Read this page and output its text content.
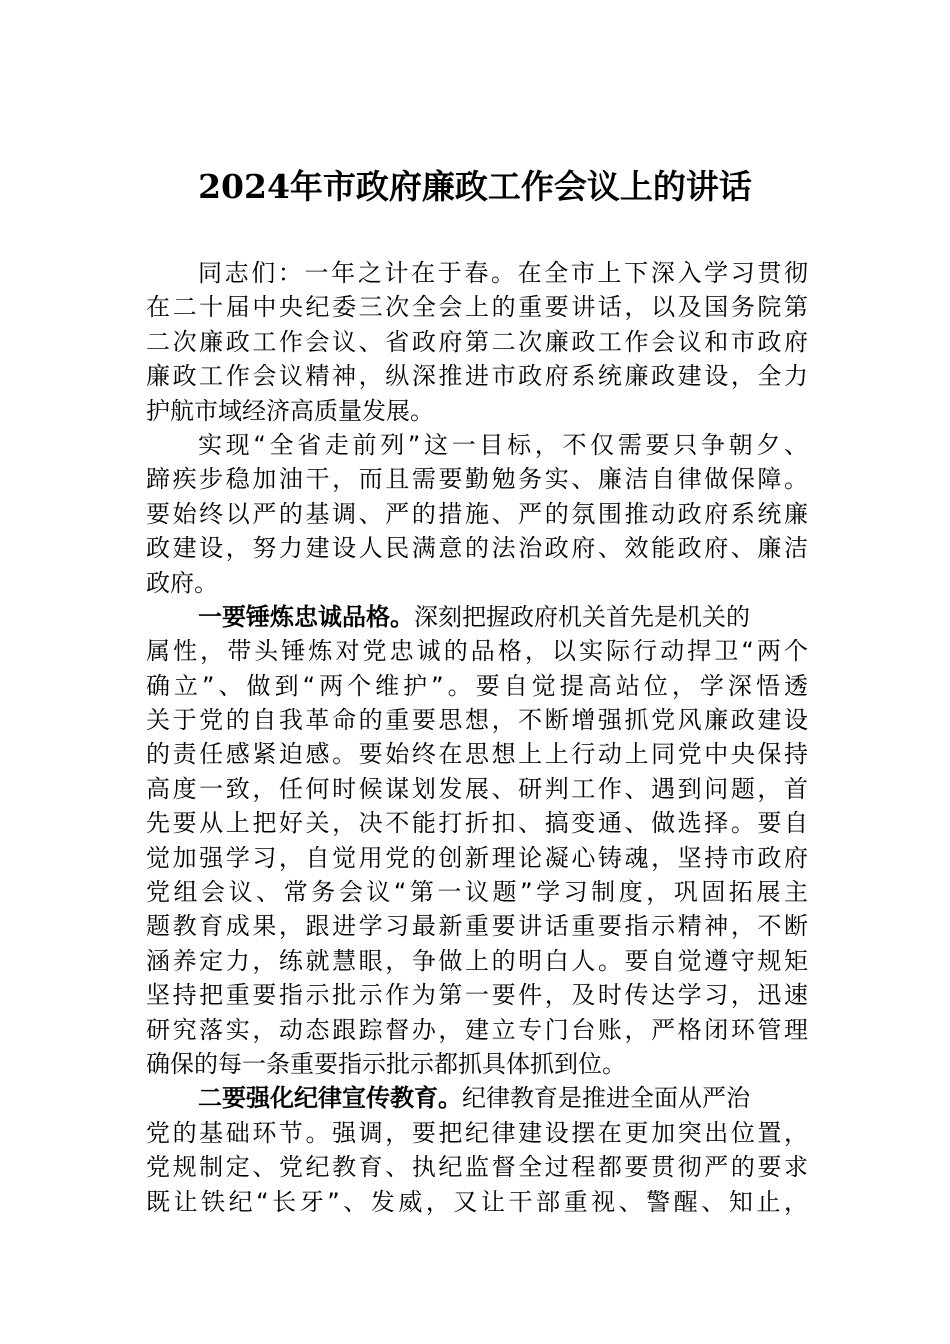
2024年市政府廉政工作会议上的讲话
同志们：一年之计在于春。在全市上下深入学习贯彻
在二十届中央纪委三次全会上的重要讲话，以及国务院第
二次廉政工作会议、省政府第二次廉政工作会议和市政府
廉政工作会议精神，纵深推进市政府系统廉政建设，全力
护航市域经济高质量发展。
实现“全省走前列”这一目标，不仅需要只争朝夕、
蹄疾步稳加油干，而且需要勤勉务实、廉洁自律做保障。
要始终以严的基调、严的措施、严的氛围推动政府系统廉
政建设，努力建设人民满意的法治政府、效能政府、廉洁
政府。
一要锤炼忠诚品格。深刻把握政府机关首先是机关的
属性，带头锤炼对党忠诚的品格，以实际行动捍卫“两个
确立”、做到“两个维护”。要自觉提高站位，学深悟透
关于党的自我革命的重要思想，不断增强抓党风廉政建设
的责任感紧迫感。要始终在思想上上行动上同党中央保持
高度一致，任何时候谋划发展、研判工作、遇到问题，首
先要从上把好关，决不能打折扣、搞变通、做选择。要自
觉加强学习，自觉用党的创新理论凝心铸魂，坚持市政府
党组会议、常务会议“第一议题”学习制度，巩固拓展主
题教育成果，跟进学习最新重要讲话重要指示精神，不断
涵养定力，练就慧眼，争做上的明白人。要自觉遵守规矩
坚持把重要指示批示作为第一要件，及时传达学习，迅速
研究落实，动态跟踪督办，建立专门台账，严格闭环管理
确保的每一条重要指示批示都抓具体抓到位。
二要强化纪律宣传教育。纪律教育是推进全面从严治
党的基础环节。强调，要把纪律建设摆在更加突出位置，
党规制定、党纪教育、执纪监督全过程都要贯彻严的要求
既让铁纪“长牙”、发威，又让干部重视、警醒、知止，
